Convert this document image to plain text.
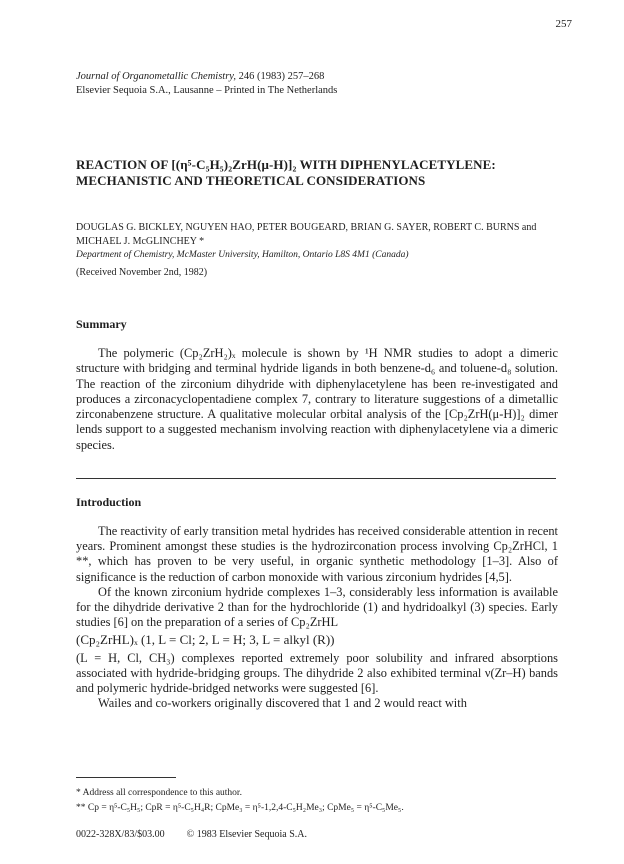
257
Journal of Organometallic Chemistry, 246 (1983) 257–268
Elsevier Sequoia S.A., Lausanne – Printed in The Netherlands
REACTION OF [(η⁵-C₅H₅)₂ZrH(μ-H)]₂ WITH DIPHENYLACETYLENE:
MECHANISTIC AND THEORETICAL CONSIDERATIONS
DOUGLAS G. BICKLEY, NGUYEN HAO, PETER BOUGEARD, BRIAN G. SAYER, ROBERT C. BURNS and MICHAEL J. McGLINCHEY *
Department of Chemistry, McMaster University, Hamilton, Ontario L8S 4M1 (Canada)
(Received November 2nd, 1982)
Summary

The polymeric (Cp₂ZrH₂)ₓ molecule is shown by ¹H NMR studies to adopt a dimeric structure with bridging and terminal hydride ligands in both benzene-d₆ and toluene-d₈ solution. The reaction of the zirconium dihydride with diphenylacetylene has been re-investigated and produces a zirconacyclopentadiene complex 7, contrary to literature suggestions of a dimetallic zirconabenzene structure. A qualitative molecular orbital analysis of the [Cp₂ZrH(μ-H)]₂ dimer lends support to a suggested mechanism involving reaction with diphenylacetylene via a dimeric species.

Introduction

The reactivity of early transition metal hydrides has received considerable attention in recent years. Prominent amongst these studies is the hydrozirconation process involving Cp₂ZrHCl, 1 **, which has proven to be very useful, in organic synthetic methodology [1–3]. Also of significance is the reduction of carbon monoxide with various zirconium hydrides [4,5].

Of the known zirconium hydride complexes 1–3, considerably less information is available for the dihydride derivative 2 than for the hydrochloride (1) and hydridoalkyl (3) species. Early studies [6] on the preparation of a series of Cp₂ZrHL

(Cp₂ZrHL)ₓ (1, L = Cl; 2, L = H; 3, L = alkyl (R))

(L = H, Cl, CH₃) complexes reported extremely poor solubility and infrared absorptions associated with hydride-bridging groups. The dihydride 2 also exhibited terminal ν(Zr–H) bands and polymeric hydride-bridged networks were suggested [6].

Wailes and co-workers originally discovered that 1 and 2 would react with

* Address all correspondence to this author.
** Cp = η⁵-C₅H₅; CpR = η⁵-C₅H₄R; CpMe₃ = η⁵-1,2,4-C₅H₂Me₃; CpMe₅ = η⁵-C₅Me₅.
0022-328X/83/$03.00 © 1983 Elsevier Sequoia S.A.
